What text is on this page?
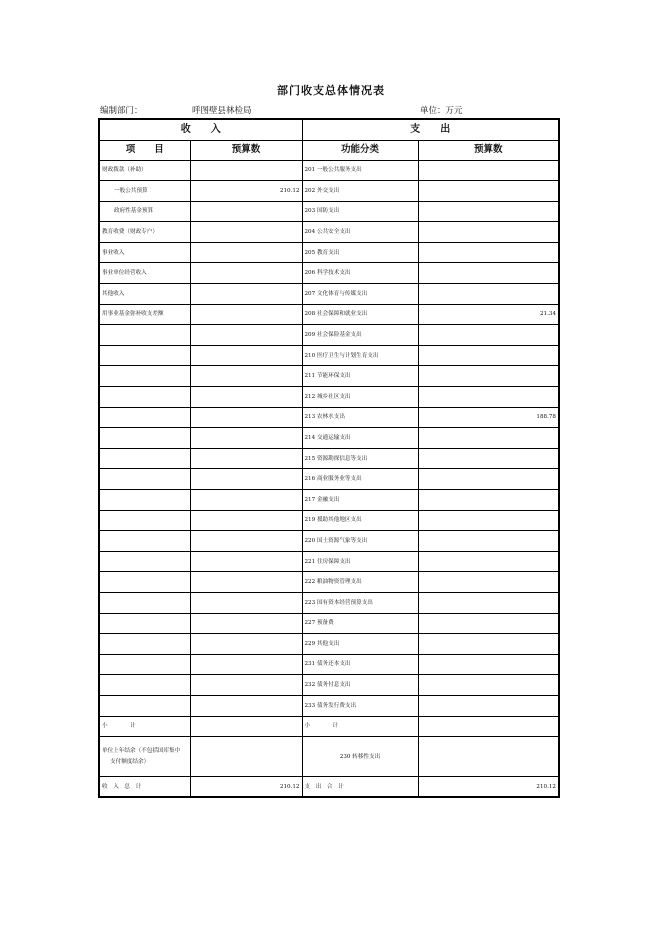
部门收支总体情况表
编制部门：	呼图壁县林检局	单位：万元
收　　入		支　　出	
项　　目	预算数	功能分类	预算数
财政拨款（补助）		201 一般公共服务支出	
一般公共预算	210.12	202 外交支出	
政府性基金预算		203 国防支出	
教育收费（财政专户）		204 公共安全支出	
事业收入		205 教育支出	
事业单位经营收入		206 科学技术支出	
其他收入		207 文化体育与传媒支出	
用事业基金弥补收支差额		208 社会保障和就业支出	21.34
		209 社会保险基金支出	
		210 医疗卫生与计划生育支出	
		211 节能环保支出	
		212 城乡社区支出	
		213 农林水支出	188.78
		214 交通运输支出	
		215 资源勘探信息等支出	
		216 商业服务业等支出	
		217 金融支出	
		219 援助其他地区支出	
		220 国土资源气象等支出	
		221 住房保障支出	
		222 粮油物资管理支出	
		223 国有资本经营预算支出	
		227 预备费	
		229 其他支出	
		231 债务还本支出	
		232 债务付息支出	
		233 债务发行费支出	
小　　　　计		小　　　　计	

单位上年结余（不包括国库集中
支付额度结余）		230 转移性支出	
收　入　总　计	210.12	支　出　合　计	210.12
